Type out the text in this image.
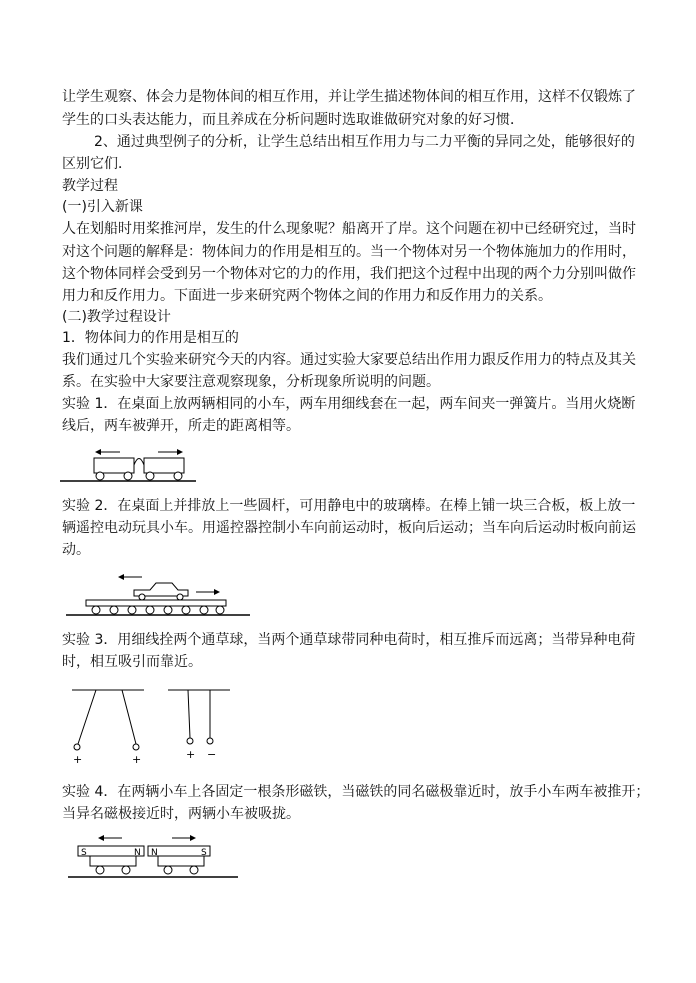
让学生观察、体会力是物体间的相互作用，并让学生描述物体间的相互作用，这样不仅锻炼了
学生的口头表达能力，而且养成在分析问题时选取谁做研究对象的好习惯．
2、通过典型例子的分析，让学生总结出相互作用力与二力平衡的异同之处，能够很好的
区别它们．
教学过程
(一)引入新课
人在划船时用桨推河岸，发生的什么现象呢？船离开了岸。这个问题在初中已经研究过，当时
对这个问题的解释是：物体间力的作用是相互的。当一个物体对另一个物体施加力的作用时，
这个物体同样会受到另一个物体对它的力的作用，我们把这个过程中出现的两个力分别叫做作
用力和反作用力。下面进一步来研究两个物体之间的作用力和反作用力的关系。
(二)教学过程设计
1．物体间力的作用是相互的
我们通过几个实验来研究今天的内容。通过实验大家要总结出作用力跟反作用力的特点及其关
系。在实验中大家要注意观察现象，分析现象所说明的问题。
实验 1．在桌面上放两辆相同的小车，两车用细线套在一起，两车间夹一弹簧片。当用火烧断
线后，两车被弹开，所走的距离相等。
实验 2．在桌面上并排放上一些圆杆，可用静电中的玻璃棒。在棒上铺一块三合板，板上放一
辆遥控电动玩具小车。用遥控器控制小车向前运动时，板向后运动；当车向后运动时板向前运
动。
实验 3．用细线拴两个通草球，当两个通草球带同种电荷时，相互推斥而远离；当带异种电荷
时，相互吸引而靠近。
+	+	+ −
实验 4．在两辆小车上各固定一根条形磁铁，当磁铁的同名磁极靠近时，放手小车两车被推开；
当异名磁极接近时，两辆小车被吸拢。
S	N N	S
